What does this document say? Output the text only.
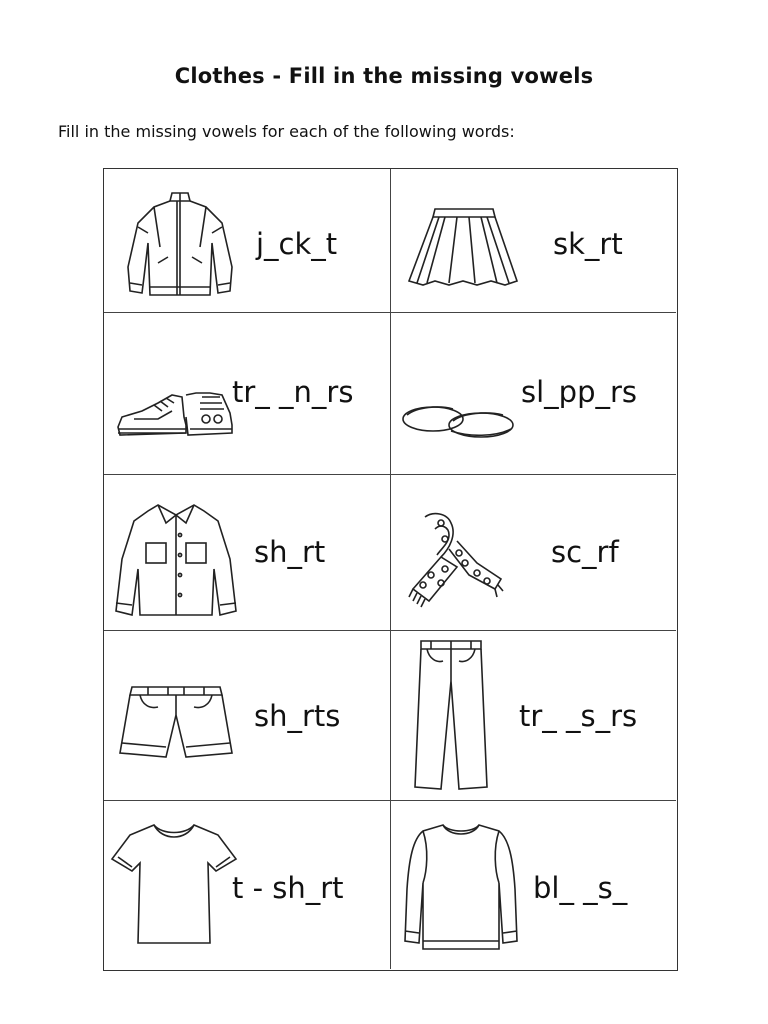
Clothes - Fill in the missing vowels
Fill in the missing vowels for each of the following words:
j_ck_t	sk_rt
tr_ _n_rs	sl_pp_rs
sh_rt	sc_rf
sh_rts	tr_ _s_rs
t - sh_rt	bl_ _s_
